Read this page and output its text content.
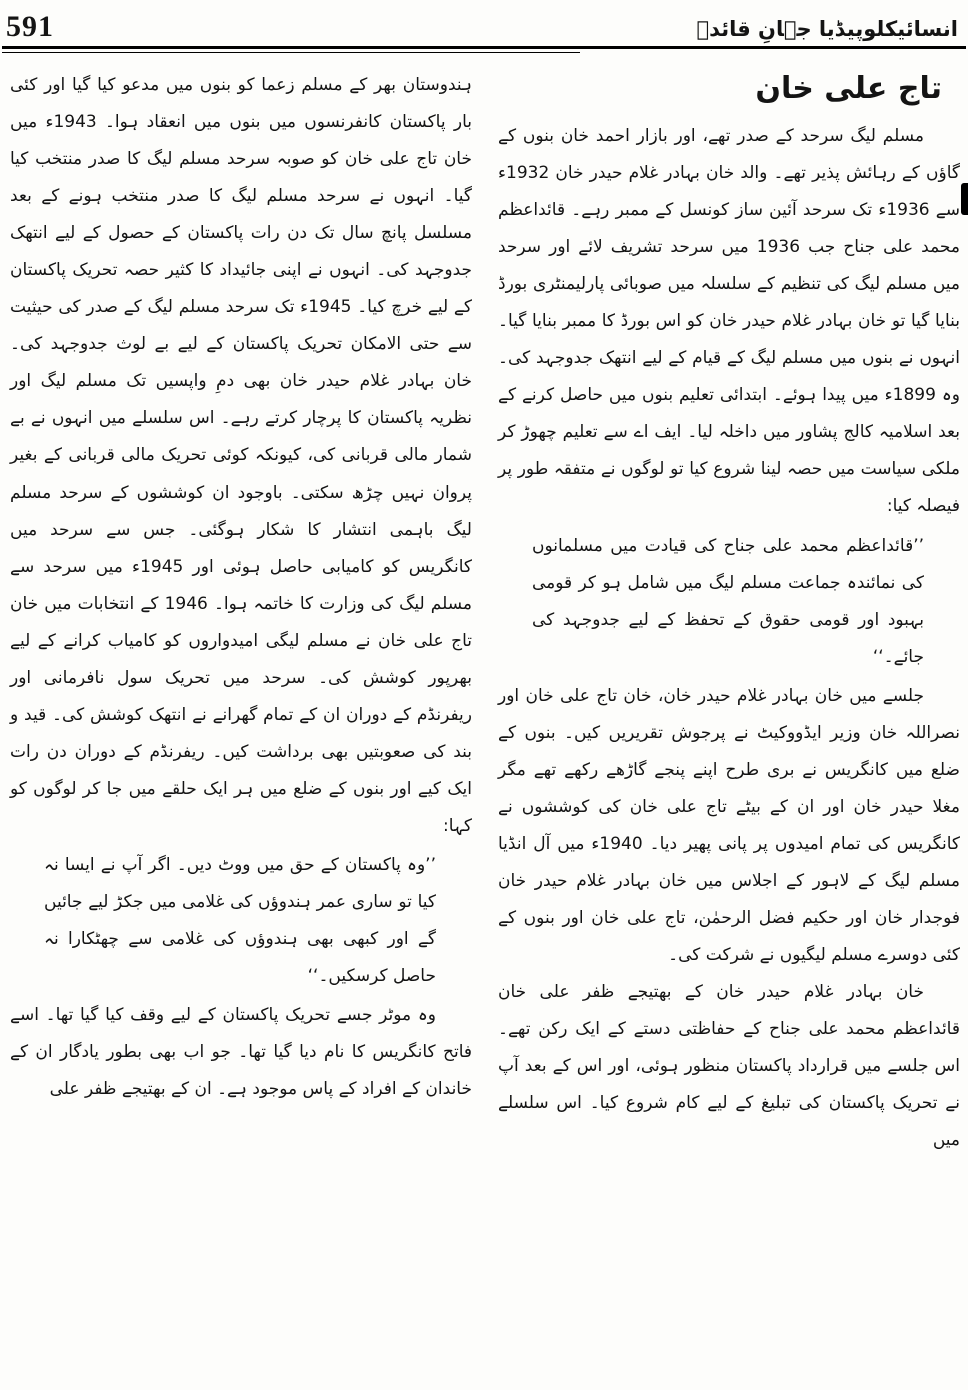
591	انسائیکلوپیڈیا جہانِ قائدؒ
تاج علی خان

مسلم لیگ سرحد کے صدر تھے، اور بازار احمد خان بنوں کے گاؤں کے رہائش پذیر تھے۔ والد خان بہادر غلام حیدر خان 1932ء سے 1936ء تک سرحد آئین ساز کونسل کے ممبر رہے۔ قائداعظم محمد علی جناح جب 1936 میں سرحد تشریف لائے اور سرحد میں مسلم لیگ کی تنظیم کے سلسلہ میں صوبائی پارلیمنٹری بورڈ بنایا گیا تو خان بہادر غلام حیدر خان کو اس بورڈ کا ممبر بنایا گیا۔ انہوں نے بنوں میں مسلم لیگ کے قیام کے لیے انتھک جدوجہد کی۔ وہ 1899ء میں پیدا ہوئے۔ ابتدائی تعلیم بنوں میں حاصل کرنے کے بعد اسلامیہ کالج پشاور میں داخلہ لیا۔ ایف اے سے تعلیم چھوڑ کر ملکی سیاست میں حصہ لینا شروع کیا تو لوگوں نے متفقہ طور پر فیصلہ کیا:

’’قائداعظم محمد علی جناح کی قیادت میں مسلمانوں کی نمائندہ جماعت مسلم لیگ میں شامل ہو کر قومی بہبود اور قومی حقوق کے تحفظ کے لیے جدوجہد کی جائے۔‘‘

جلسے میں خان بہادر غلام حیدر خان، خان تاج علی خان اور نصراللہ خان وزیر ایڈووکیٹ نے پرجوش تقریریں کیں۔ بنوں کے ضلع میں کانگریس نے بری طرح اپنے پنجے گاڑھے رکھے تھے مگر مغلا حیدر خان اور ان کے بیٹے تاج علی خان کی کوششوں نے کانگریس کی تمام امیدوں پر پانی پھیر دیا۔ 1940ء میں آل انڈیا مسلم لیگ کے لاہور کے اجلاس میں خان بہادر غلام حیدر خان فوجدار خان اور حکیم فضل الرحمٰن، تاج علی خان اور بنوں کے کئی دوسرے مسلم لیگیوں نے شرکت کی۔

خان بہادر غلام حیدر خان کے بھتیجے ظفر علی خان قائداعظم محمد علی جناح کے حفاظتی دستے کے ایک رکن تھے۔ اس جلسے میں قرارداد پاکستان منظور ہوئی، اور اس کے بعد آپ نے تحریک پاکستان کی تبلیغ کے لیے کام شروع کیا۔ اس سلسلے میں

ہندوستان بھر کے مسلم زعما کو بنوں میں مدعو کیا گیا اور کئی بار پاکستان کانفرنسوں میں بنوں میں انعقاد ہوا۔ 1943ء میں خان تاج علی خان کو صوبہ سرحد مسلم لیگ کا صدر منتخب کیا گیا۔ انہوں نے سرحد مسلم لیگ کا صدر منتخب ہونے کے بعد مسلسل پانچ سال تک دن رات پاکستان کے حصول کے لیے انتھک جدوجہد کی۔ انہوں نے اپنی جائیداد کا کثیر حصہ تحریک پاکستان کے لیے خرچ کیا۔ 1945ء تک سرحد مسلم لیگ کے صدر کی حیثیت سے حتی الامکان تحریک پاکستان کے لیے بے لوث جدوجہد کی۔ خان بہادر غلام حیدر خان بھی دمِ واپسیں تک مسلم لیگ اور نظریہ پاکستان کا پرچار کرتے رہے۔ اس سلسلے میں انہوں نے بے شمار مالی قربانی کی، کیونکہ کوئی تحریک مالی قربانی کے بغیر پروان نہیں چڑھ سکتی۔ باوجود ان کوششوں کے سرحد مسلم لیگ باہمی انتشار کا شکار ہوگئی۔ جس سے سرحد میں کانگریس کو کامیابی حاصل ہوئی اور 1945ء میں سرحد سے مسلم لیگ کی وزارت کا خاتمہ ہوا۔ 1946 کے انتخابات میں خان تاج علی خان نے مسلم لیگی امیدواروں کو کامیاب کرانے کے لیے بھرپور کوشش کی۔ سرحد میں تحریک سول نافرمانی اور ریفرنڈم کے دوران ان کے تمام گھرانے نے انتھک کوشش کی۔ قید و بند کی صعوبتیں بھی برداشت کیں۔ ریفرنڈم کے دوران دن رات ایک کیے اور بنوں کے ضلع میں ہر ایک حلقے میں جا کر لوگوں کو کہا:

’’وہ پاکستان کے حق میں ووٹ دیں۔ اگر آپ نے ایسا نہ کیا تو ساری عمر ہندوؤں کی غلامی میں جکڑ لیے جائیں گے اور کبھی بھی ہندوؤں کی غلامی سے چھٹکارا نہ حاصل کرسکیں۔‘‘

وہ موٹر جسے تحریک پاکستان کے لیے وقف کیا گیا تھا۔ اسے فاتح کانگریس کا نام دیا گیا تھا۔ جو اب بھی بطور یادگار ان کے خاندان کے افراد کے پاس موجود ہے۔ ان کے بھتیجے ظفر علی
